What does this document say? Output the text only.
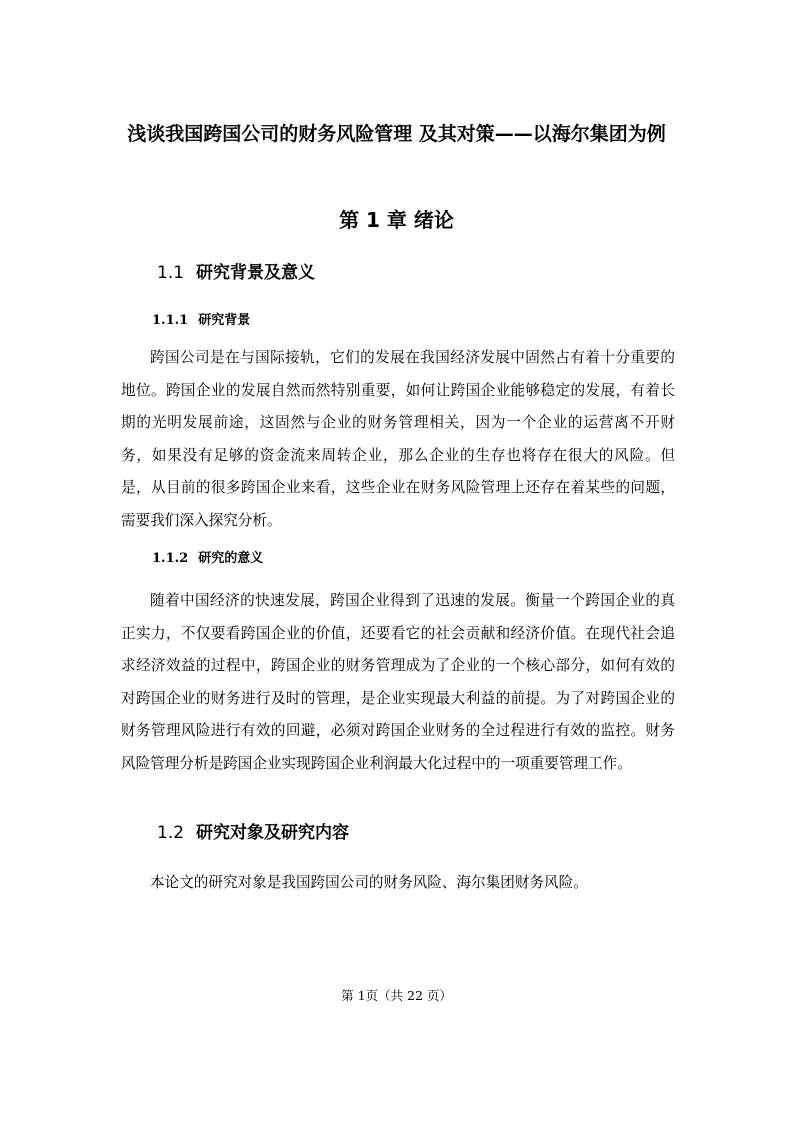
浅谈我国跨国公司的财务风险管理 及其对策——以海尔集团为例
第 1 章 绪论
1.1 研究背景及意义
1.1.1 研究背景

跨国公司是在与国际接轨，它们的发展在我国经济发展中固然占有着十分重要的地位。跨国企业的发展自然而然特别重要，如何让跨国企业能够稳定的发展，有着长期的光明发展前途，这固然与企业的财务管理相关，因为一个企业的运营离不开财务，如果没有足够的资金流来周转企业，那么企业的生存也将存在很大的风险。但是，从目前的很多跨国企业来看，这些企业在财务风险管理上还存在着某些的问题，需要我们深入探究分析。

1.1.2 研究的意义

随着中国经济的快速发展，跨国企业得到了迅速的发展。衡量一个跨国企业的真正实力，不仅要看跨国企业的价值，还要看它的社会贡献和经济价值。在现代社会追求经济效益的过程中，跨国企业的财务管理成为了企业的一个核心部分，如何有效的对跨国企业的财务进行及时的管理，是企业实现最大利益的前提。为了对跨国企业的财务管理风险进行有效的回避，必须对跨国企业财务的全过程进行有效的监控。财务风险管理分析是跨国企业实现跨国企业利润最大化过程中的一项重要管理工作。

1.2 研究对象及研究内容

本论文的研究对象是我国跨国公司的财务风险、海尔集团财务风险。

第 1页（共 22 页）
